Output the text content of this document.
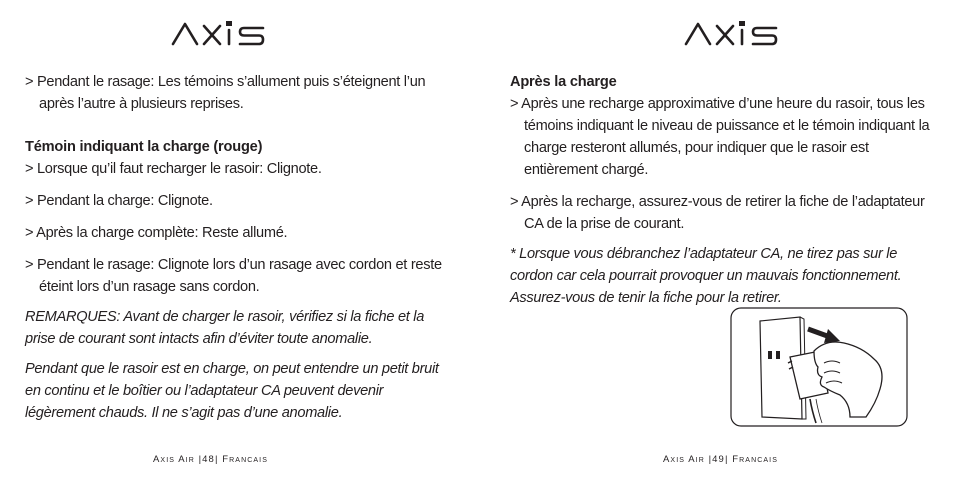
> Pendant le rasage: Les témoins s’allument puis s’éteignent l’un après l’autre à plusieurs reprises.

Témoin indiquant la charge (rouge)

> Lorsque qu’il faut recharger le rasoir: Clignote.

> Pendant la charge: Clignote.

> Après la charge complète: Reste allumé.

> Pendant le rasage: Clignote lors d’un rasage avec cordon et reste éteint lors d’un rasage sans cordon.

REMARQUES: Avant de charger le rasoir, vérifiez si la fiche et la prise de courant sont intacts afin d’éviter toute anomalie.

Pendant que le rasoir est en charge, on peut entendre un petit bruit en continu et le boîtier ou l’adaptateur CA peuvent devenir légèrement chauds. Il ne s’agit pas d’une anomalie.

Axis Air |48| Francais

Après la charge

> Après une recharge approximative d’une heure du rasoir, tous les témoins indiquant le niveau de puissance et le témoin indiquant la charge resteront allumés, pour indiquer que le rasoir est entièrement chargé.

> Après la recharge, assurez-vous de retirer la fiche de l’adaptateur CA de la prise de courant.

* Lorsque vous débranchez l’adaptateur CA, ne tirez pas sur le cordon car cela pourrait provoquer un mauvais fonctionnement. Assurez-vous de tenir la fiche pour la retirer.

Axis Air |49| Francais
